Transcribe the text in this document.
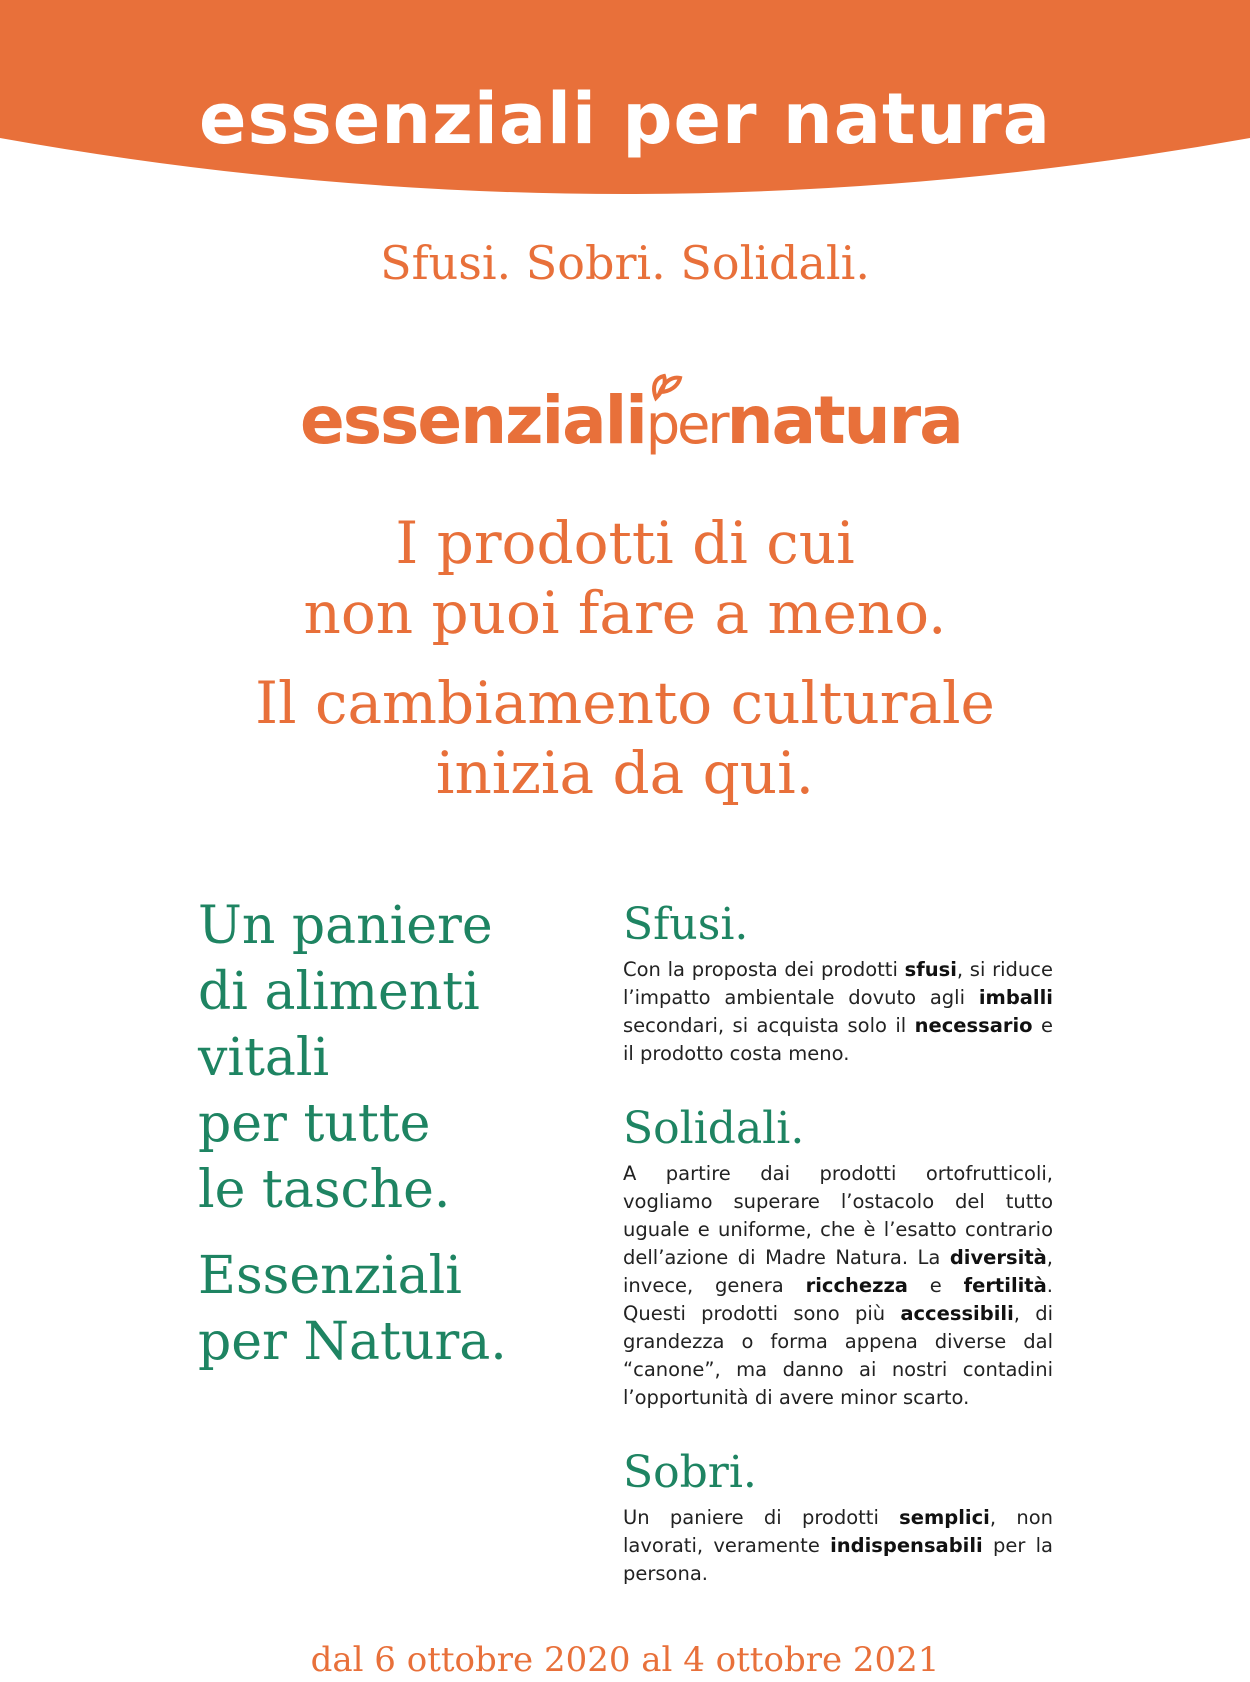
essenziali per natura
Sfusi. Sobri. Solidali.
essenzialipernatura
I prodotti di cui
non puoi fare a meno.
Il cambiamento culturale
inizia da qui.
Un paniere
di alimenti
vitali
per tutte
le tasche.
Essenziali
per Natura.
Sfusi.

Con la proposta dei prodotti sfusi, si riduce l’impatto ambientale dovuto agli imballi secondari, si acquista solo il necessario e il prodotto costa meno.

Solidali.

A partire dai prodotti ortofrutticoli, vogliamo superare l’ostacolo del tutto uguale e uniforme, che è l’esatto contrario dell’azione di Madre Natura. La diversità, invece, genera ricchezza e fertilità. Questi prodotti sono più accessibili, di grandezza o forma appena diverse dal “canone”, ma danno ai nostri contadini l’opportunità di avere minor scarto.

Sobri.

Un paniere di prodotti semplici, non lavorati, veramente indispensabili per la persona.

dal 6 ottobre 2020 al 4 ottobre 2021
